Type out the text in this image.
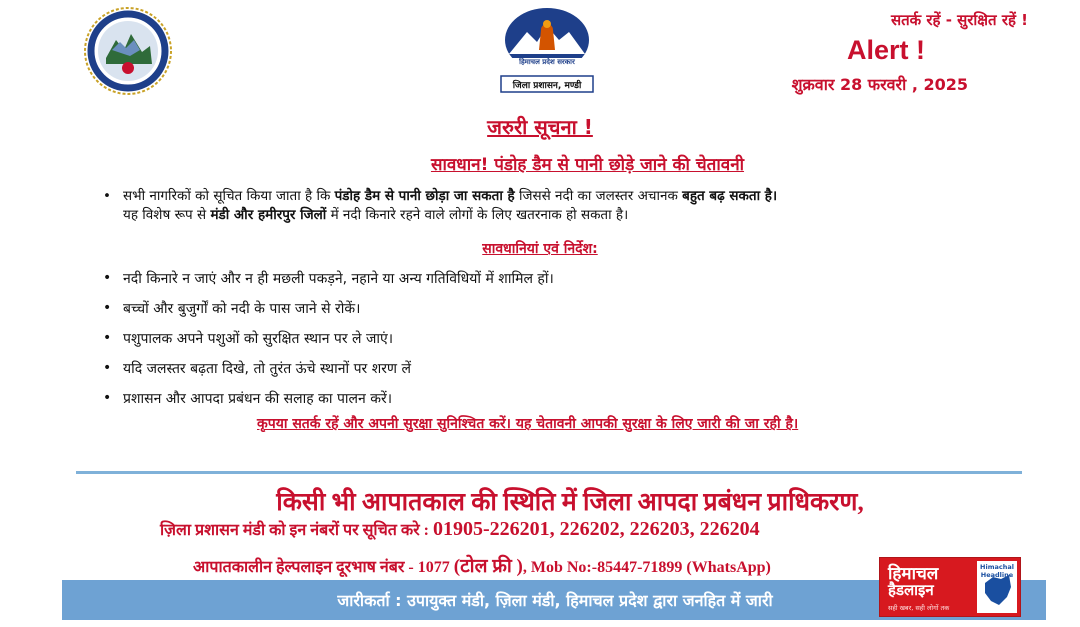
हिमाचल प्रदेश सरकार
जिला प्रशासन, मण्डी
सतर्क रहें - सुरक्षित रहें !
Alert !
शुक्रवार 28 फरवरी , 2025
जरुरी सूचना !
सावधान! पंडोह डैम से पानी छोड़े जाने की चेतावनी
• सभी नागरिकों को सूचित किया जाता है कि पंडोह डैम से पानी छोड़ा जा सकता है जिससे नदी का जलस्तर अचानक बहुत बढ़ सकता है।

यह विशेष रूप से मंडी और हमीरपुर जिलों में नदी किनारे रहने वाले लोगों के लिए खतरनाक हो सकता है।

सावधानियां एवं निर्देश:
• नदी किनारे न जाएं और न ही मछली पकड़ने, नहाने या अन्य गतिविधियों में शामिल हों।
• बच्चों और बुजुर्गों को नदी के पास जाने से रोकें।
• पशुपालक अपने पशुओं को सुरक्षित स्थान पर ले जाएं।
• यदि जलस्तर बढ़ता दिखे, तो तुरंत ऊंचे स्थानों पर शरण लें
• प्रशासन और आपदा प्रबंधन की सलाह का पालन करें।
कृपया सतर्क रहें और अपनी सुरक्षा सुनिश्चित करें। यह चेतावनी आपकी सुरक्षा के लिए जारी की जा रही है।
किसी भी आपातकाल की स्थिति में जिला आपदा प्रबंधन प्राधिकरण,
ज़िला प्रशासन मंडी को इन नंबरों पर सूचित करे : 01905-226201, 226202, 226203, 226204
आपातकालीन हेल्पलाइन दूरभाष नंबर - 1077 (टोल फ्री ), Mob No:-85447-71899 (WhatsApp)
जारीकर्ता : उपायुक्त मंडी, ज़िला मंडी, हिमाचल प्रदेश द्वारा जनहित में जारी
हिमाचल
हैडलाइन
सही खबर, सही लोगों तक
Himachal Headline
